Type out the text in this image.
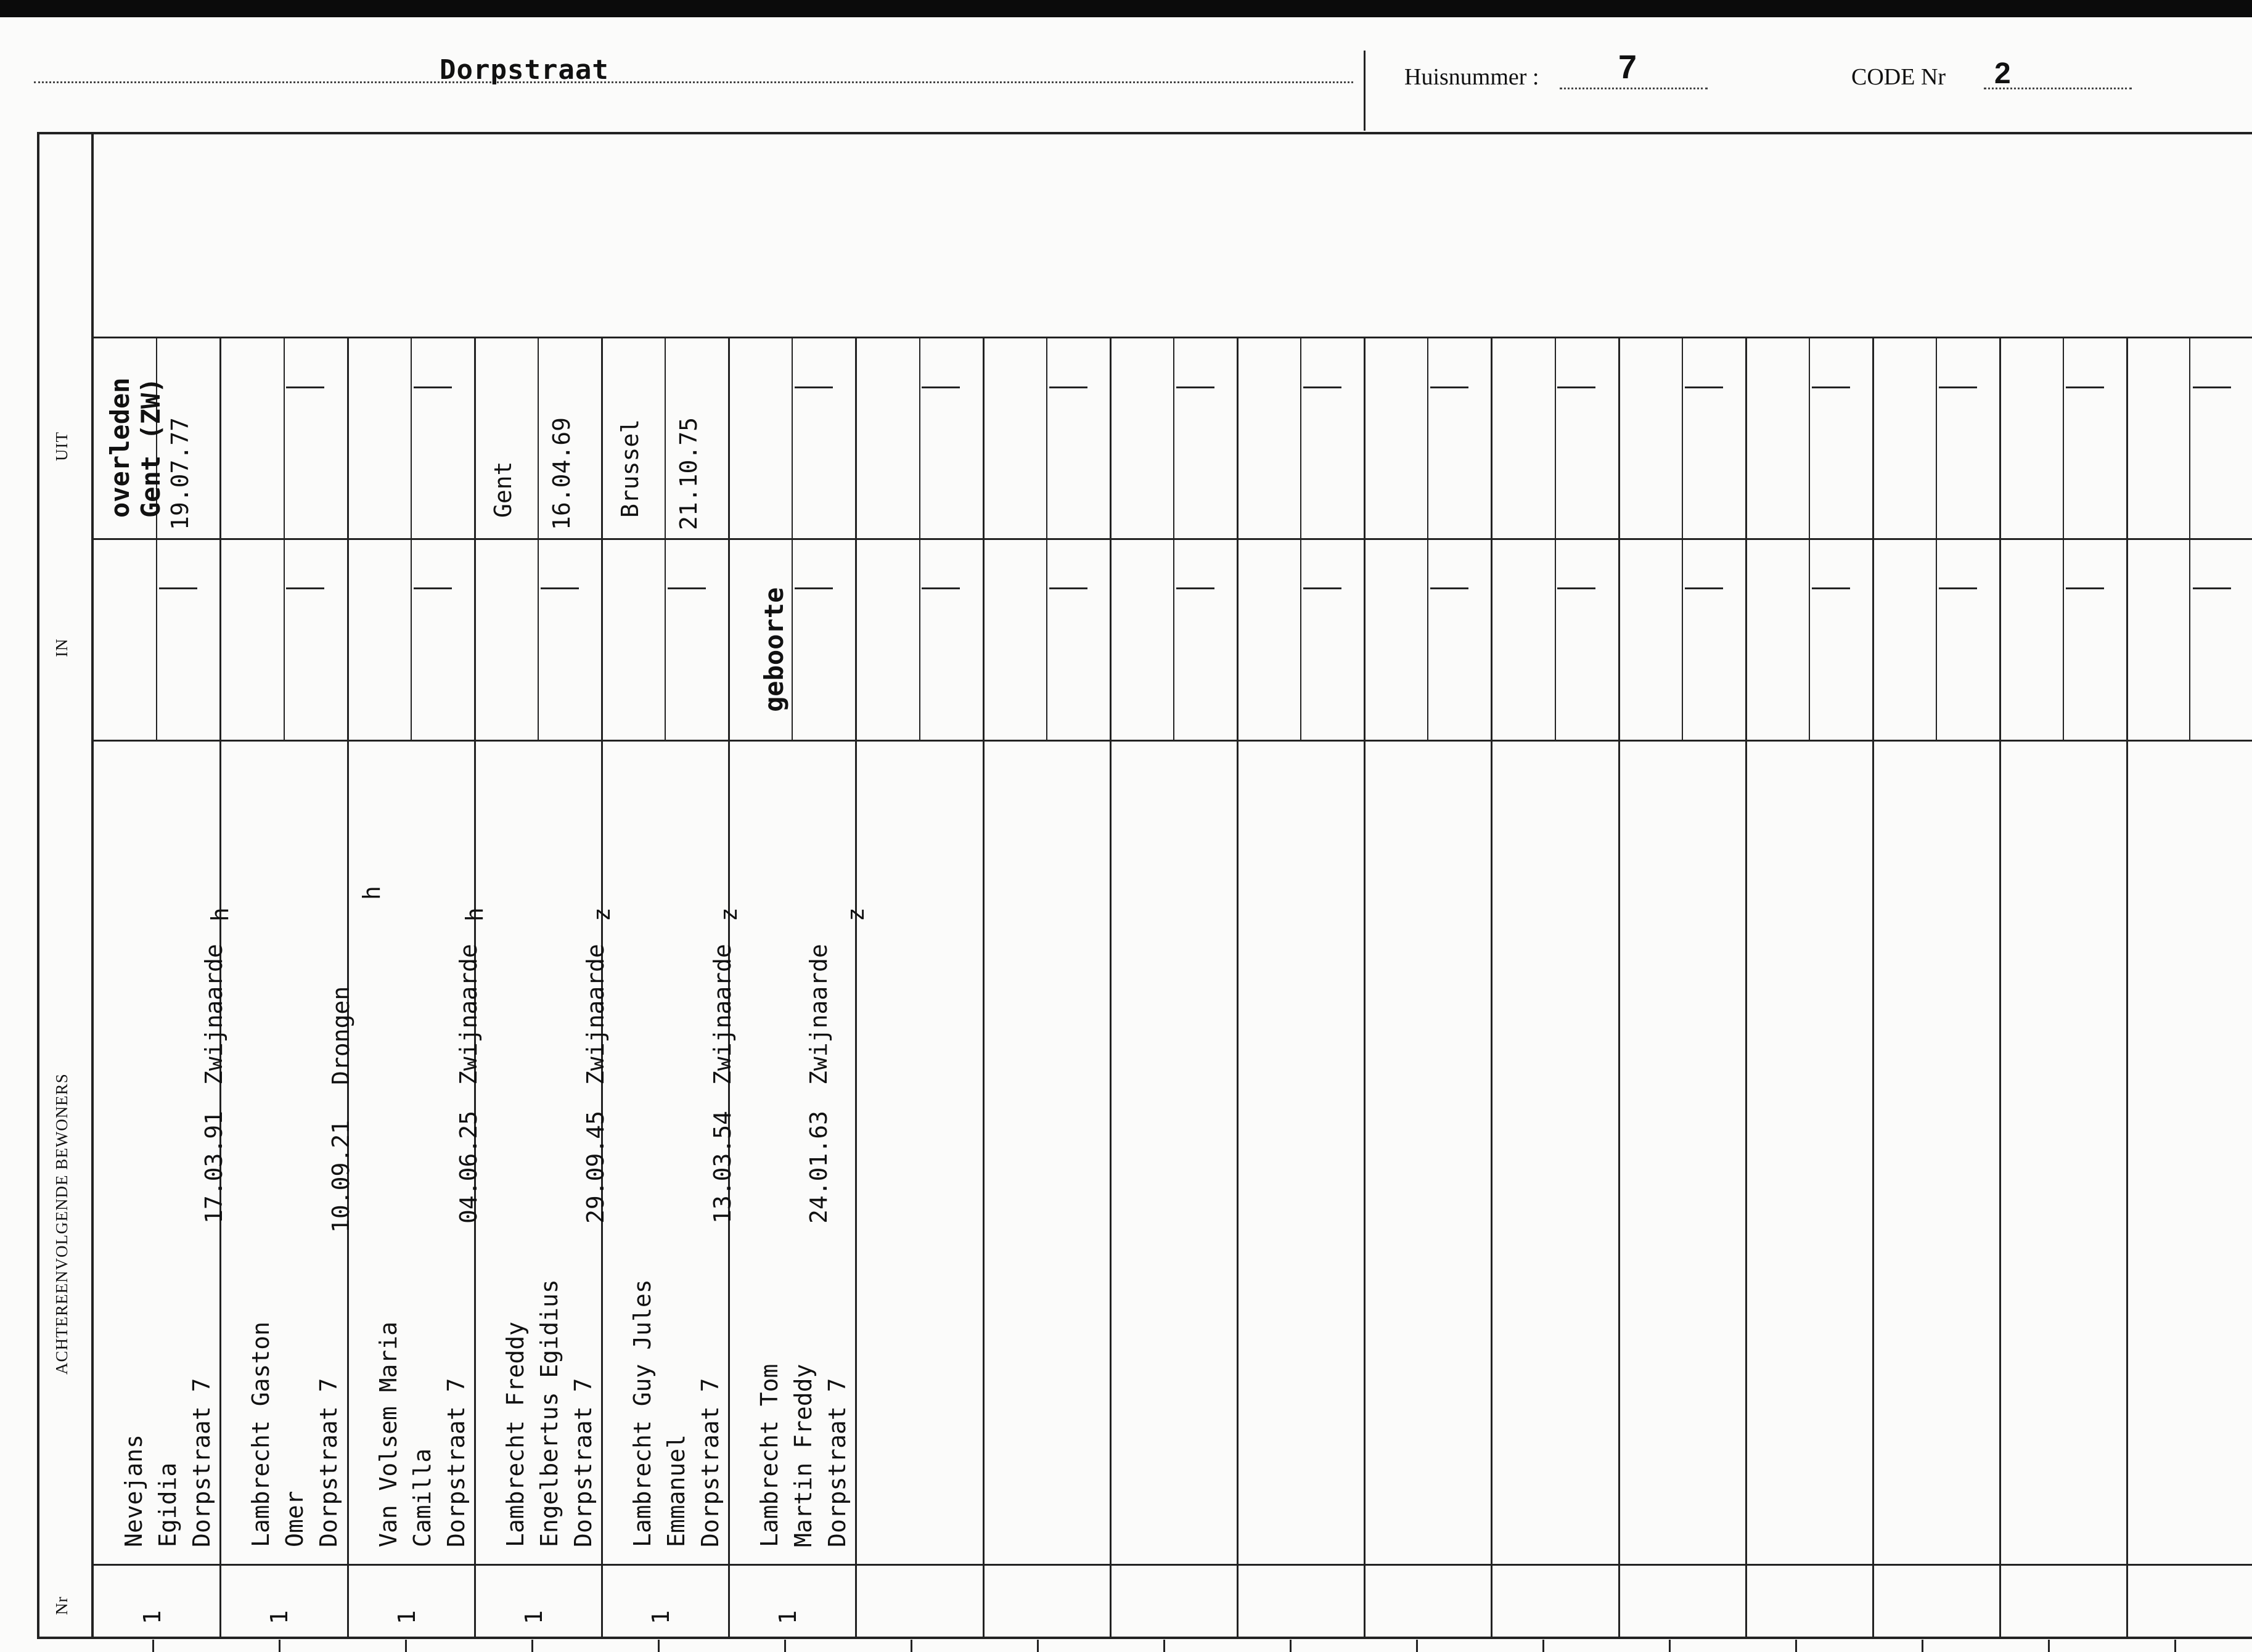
Dorpstraat	Huisnummer : 7	CODE Nr 2
UIT
IN
ACHTEREENVOLGENDE BEWONERS
Nr
Nevejans Egidia Dorpstraat 7
17.03.91
Zwijnaarde
h
1
overleden
Gent (ZW)
19.07.77
Lambrecht Gaston Omer Dorpstraat 7
10.09.21
Drongen
h
1
Van Volsem Maria Camilla Dorpstraat 7
04.06.25
Zwijnaarde
h
1
Lambrecht Freddy Engelbertus Egidius Dorpstraat 7
29.09.45
Zwijnaarde
z
1
Gent 16.04.69
Lambrecht Guy Jules Emmanuel Dorpstraat 7
13.03.54
Zwijnaarde
z
1
Brussel 21.10.75
Lambrecht Tom Martin Freddy Dorpstraat 7
24.01.63
Zwijnaarde
z
1
geboorte
